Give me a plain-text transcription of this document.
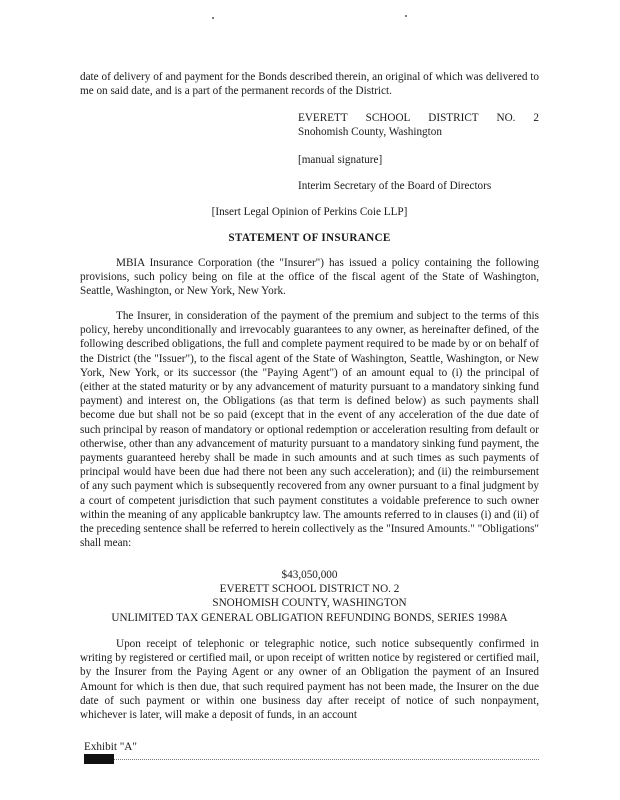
date of delivery of and payment for the Bonds described therein, an original of which was delivered to me on said date, and is a part of the permanent records of the District.
EVERETT SCHOOL DISTRICT NO. 2
Snohomish County, Washington
[manual signature]
Interim Secretary of the Board of Directors
[Insert Legal Opinion of Perkins Coie LLP]
STATEMENT OF INSURANCE
MBIA Insurance Corporation (the "Insurer") has issued a policy containing the following provisions, such policy being on file at the office of the fiscal agent of the State of Washington, Seattle, Washington, or New York, New York.
The Insurer, in consideration of the payment of the premium and subject to the terms of this policy, hereby unconditionally and irrevocably guarantees to any owner, as hereinafter defined, of the following described obligations, the full and complete payment required to be made by or on behalf of the District (the "Issuer"), to the fiscal agent of the State of Washington, Seattle, Washington, or New York, New York, or its successor (the "Paying Agent") of an amount equal to (i) the principal of (either at the stated maturity or by any advancement of maturity pursuant to a mandatory sinking fund payment) and interest on, the Obligations (as that term is defined below) as such payments shall become due but shall not be so paid (except that in the event of any acceleration of the due date of such principal by reason of mandatory or optional redemption or acceleration resulting from default or otherwise, other than any advancement of maturity pursuant to a mandatory sinking fund payment, the payments guaranteed hereby shall be made in such amounts and at such times as such payments of principal would have been due had there not been any such acceleration); and (ii) the reimbursement of any such payment which is subsequently recovered from any owner pursuant to a final judgment by a court of competent jurisdiction that such payment constitutes a voidable preference to such owner within the meaning of any applicable bankruptcy law. The amounts referred to in clauses (i) and (ii) of the preceding sentence shall be referred to herein collectively as the "Insured Amounts." "Obligations" shall mean:
$43,050,000
EVERETT SCHOOL DISTRICT NO. 2
SNOHOMISH COUNTY, WASHINGTON
UNLIMITED TAX GENERAL OBLIGATION REFUNDING BONDS, SERIES 1998A
Upon receipt of telephonic or telegraphic notice, such notice subsequently confirmed in writing by registered or certified mail, or upon receipt of written notice by registered or certified mail, by the Insurer from the Paying Agent or any owner of an Obligation the payment of an Insured Amount for which is then due, that such required payment has not been made, the Insurer on the due date of such payment or within one business day after receipt of notice of such nonpayment, whichever is later, will make a deposit of funds, in an account
Exhibit "A"
